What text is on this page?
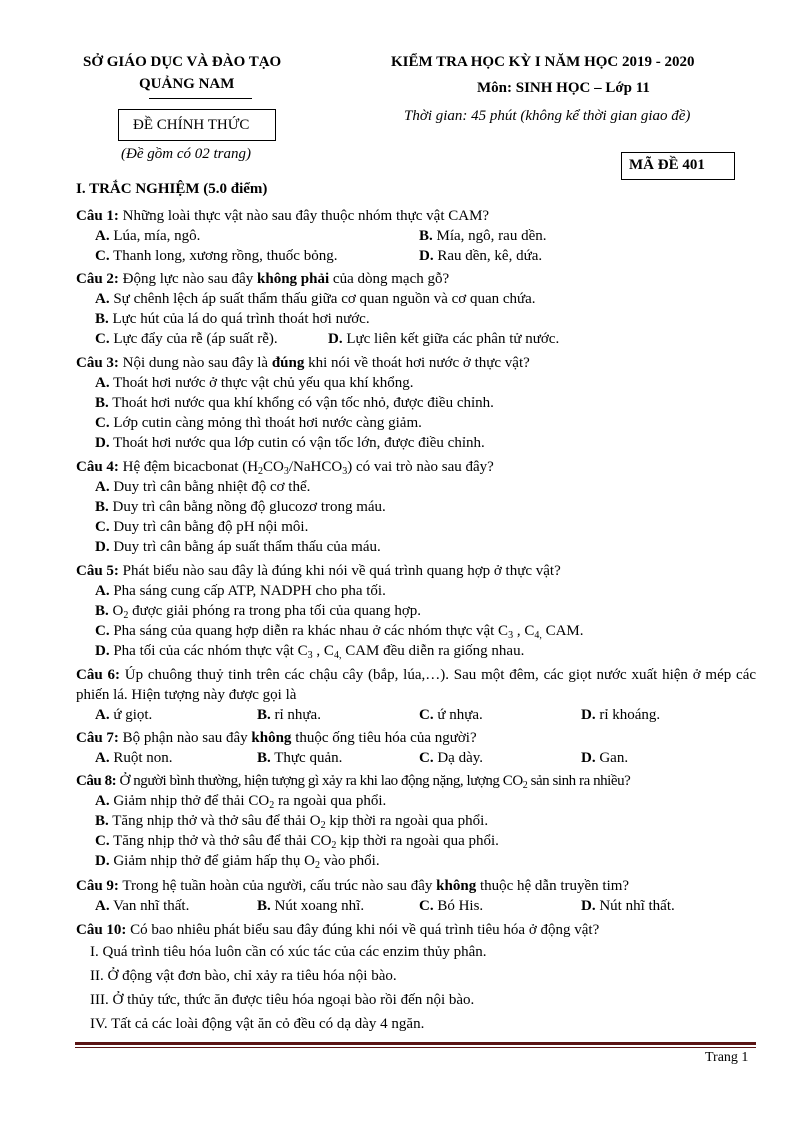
SỞ GIÁO DỤC VÀ ĐÀO TẠO
QUẢNG NAM
ĐỀ CHÍNH THỨC
(Đề gồm có 02 trang)
KIỂM TRA HỌC KỲ I NĂM HỌC 2019 - 2020
Môn: SINH HỌC – Lớp 11
Thời gian: 45 phút (không kể thời gian giao đề)
MÃ ĐỀ 401
I. TRẮC NGHIỆM (5.0 điểm)
Câu 1: Những loài thực vật nào sau đây thuộc nhóm thực vật CAM?
A. Lúa, mía, ngô.	B. Mía, ngô, rau dền.
C. Thanh long, xương rồng, thuốc bỏng.	D. Rau dền, kê, dứa.
Câu 2: Động lực nào sau đây không phải của dòng mạch gỗ?
A. Sự chênh lệch áp suất thẩm thấu giữa cơ quan nguồn và cơ quan chứa.
B. Lực hút của lá do quá trình thoát hơi nước.
C. Lực đẩy của rễ (áp suất rễ).	D. Lực liên kết giữa các phân tử nước.
Câu 3: Nội dung nào sau đây là đúng khi nói về thoát hơi nước ở thực vật?
A. Thoát hơi nước ở thực vật chủ yếu qua khí khổng.
B. Thoát hơi nước qua khí khổng có vận tốc nhỏ, được điều chỉnh.
C. Lớp cutin càng mỏng thì thoát hơi nước càng giảm.
D. Thoát hơi nước qua lớp cutin có vận tốc lớn, được điều chỉnh.
Câu 4: Hệ đệm bicacbonat $(H_2CO_3/NaHCO_3)$ có vai trò nào sau đây?
A. Duy trì cân bằng nhiệt độ cơ thể.
B. Duy trì cân bằng nồng độ glucozơ trong máu.
C. Duy trì cân bằng độ pH nội môi.
D. Duy trì cân bằng áp suất thẩm thấu của máu.
Câu 5: Phát biểu nào sau đây là đúng khi nói về quá trình quang hợp ở thực vật?
A. Pha sáng cung cấp ATP, NADPH cho pha tối.
B. $O_2$ được giải phóng ra trong pha tối của quang hợp.
C. Pha sáng của quang hợp diễn ra khác nhau ở các nhóm thực vật $C_3$ , $C_{4,}$ CAM.
D. Pha tối của các nhóm thực vật $C_3$ , $C_{4,}$ CAM đều diễn ra giống nhau.
Câu 6: Úp chuông thuỷ tinh trên các chậu cây (bắp, lúa,…). Sau một đêm, các giọt nước xuất hiện ở mép các phiến lá. Hiện tượng này được gọi là
A. ứ giọt.	B. rỉ nhựa.	C. ứ nhựa.	D. rỉ khoáng.
Câu 7: Bộ phận nào sau đây không thuộc ống tiêu hóa của người?
A. Ruột non.	B. Thực quản.	C. Dạ dày.	D. Gan.
Câu 8: Ở người bình thường, hiện tượng gì xảy ra khi lao động nặng, lượng $CO_2$ sản sinh ra nhiều?
A. Giảm nhịp thở để thải $CO_2$ ra ngoài qua phổi.
B. Tăng nhịp thở và thở sâu để thải $O_2$ kịp thời ra ngoài qua phổi.
C. Tăng nhịp thở và thở sâu để thải $CO_2$ kịp thời ra ngoài qua phổi.
D. Giảm nhịp thở để giảm hấp thụ $O_2$ vào phổi.
Câu 9: Trong hệ tuần hoàn của người, cấu trúc nào sau đây không thuộc hệ dẫn truyền tim?
A. Van nhĩ thất.	B. Nút xoang nhĩ.	C. Bó His.	D. Nút nhĩ thất.
Câu 10: Có bao nhiêu phát biểu sau đây đúng khi nói về quá trình tiêu hóa ở động vật?
I. Quá trình tiêu hóa luôn cần có xúc tác của các enzim thủy phân.
II. Ở động vật đơn bào, chỉ xảy ra tiêu hóa nội bào.
III. Ở thủy tức, thức ăn được tiêu hóa ngoại bào rồi đến nội bào.
IV. Tất cả các loài động vật ăn cỏ đều có dạ dày 4 ngăn.
Trang 1
